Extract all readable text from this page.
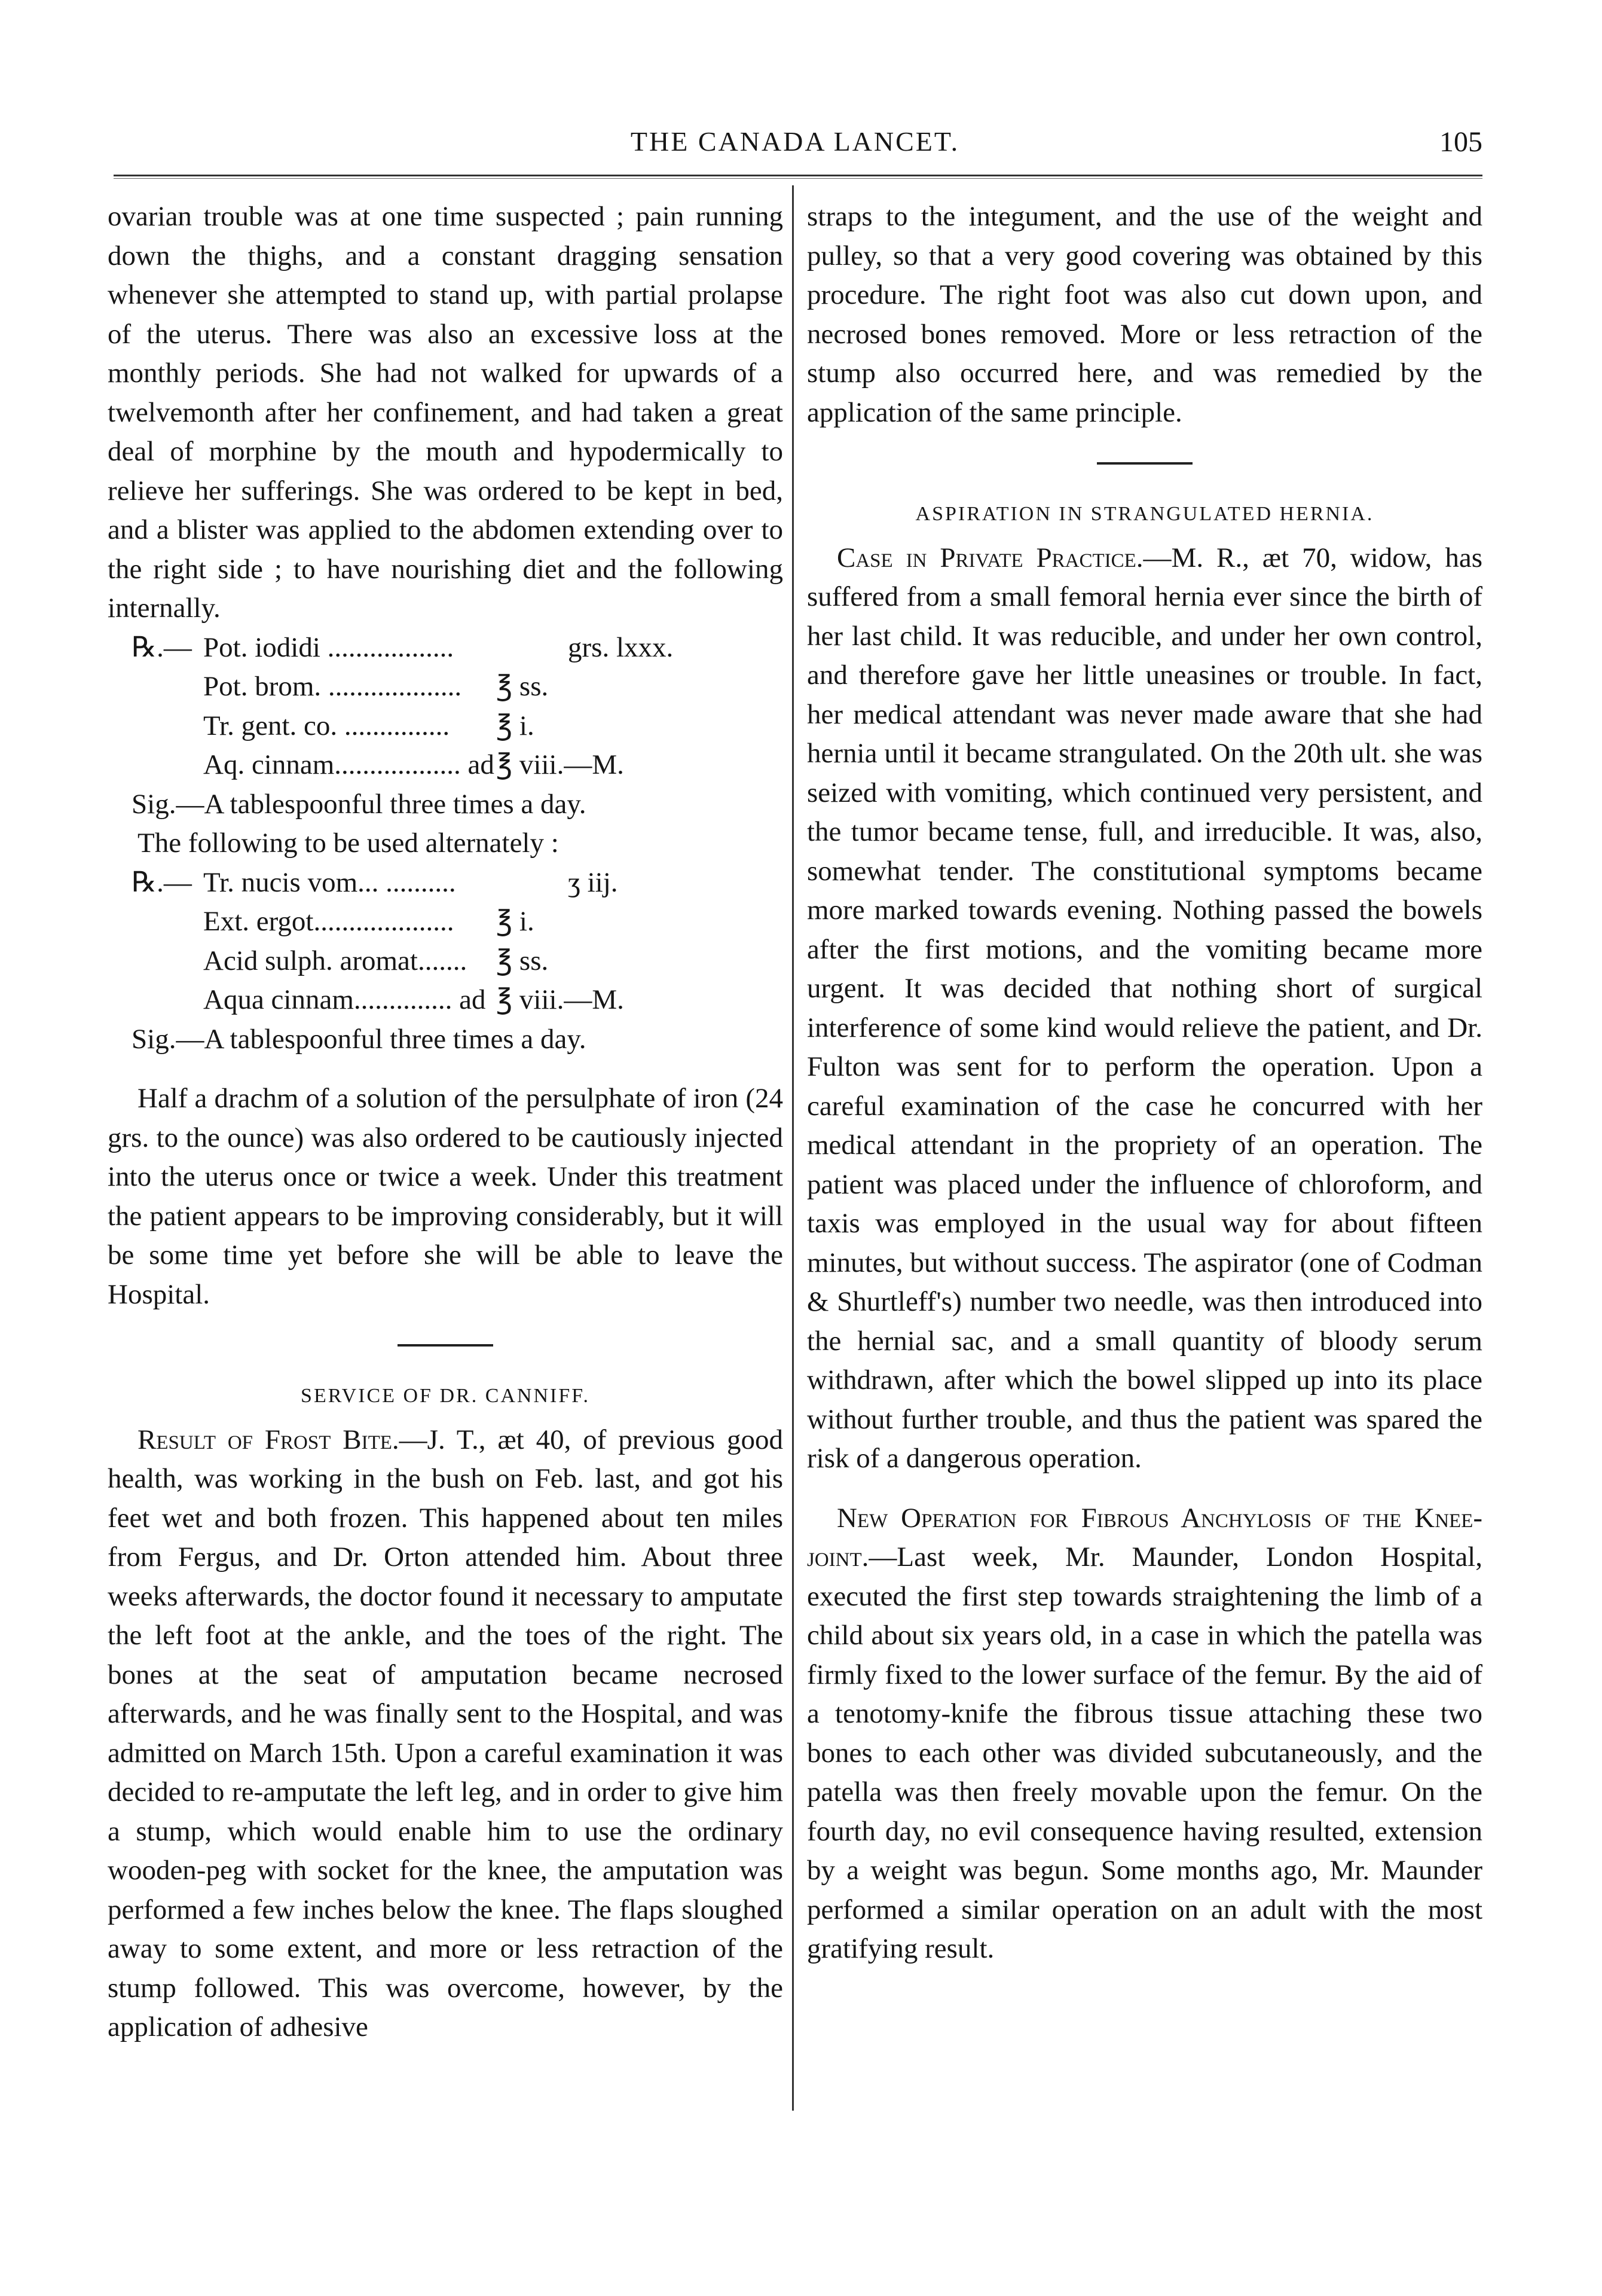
THE CANADA LANCET.	105

ovarian trouble was at one time suspected ; pain running down the thighs, and a constant dragging sensation whenever she attempted to stand up, with partial prolapse of the uterus. There was also an excessive loss at the monthly periods. She had not walked for upwards of a twelvemonth after her confinement, and had taken a great deal of morphine by the mouth and hypodermically to relieve her sufferings. She was ordered to be kept in bed, and a blister was applied to the abdomen extending over to the right side ; to have nourishing diet and the following internally.

℞.— Pot. iodidi ..................	grs. lxxx.
Pot. brom. ...................	℥ ss.
Tr. gent. co. ...............	℥ i.
Aq. cinnam.................. ad ℥ viii.—M.

Sig.—A tablespoonful three times a day.

The following to be used alternately :

℞.— Tr. nucis vom... ..........	ʒ iij.
Ext. ergot....................	℥ i.
Acid sulph. aromat.......	℥ ss.
Aqua cinnam.............. ad ℥ viii.—M.

Sig.—A tablespoonful three times a day.

Half a drachm of a solution of the persulphate of iron (24 grs. to the ounce) was also ordered to be cautiously injected into the uterus once or twice a week. Under this treatment the patient appears to be improving considerably, but it will be some time yet before she will be able to leave the Hospital.

SERVICE OF DR. CANNIFF.

Result of Frost Bite.—J. T., æt 40, of previous good health, was working in the bush on Feb. last, and got his feet wet and both frozen. This happened about ten miles from Fergus, and Dr. Orton attended him. About three weeks afterwards, the doctor found it necessary to amputate the left foot at the ankle, and the toes of the right. The bones at the seat of amputation became necrosed afterwards, and he was finally sent to the Hospital, and was admitted on March 15th. Upon a careful examination it was decided to re-amputate the left leg, and in order to give him a stump, which would enable him to use the ordinary wooden-peg with socket for the knee, the amputation was performed a few inches below the knee. The flaps sloughed away to some extent, and more or less retraction of the stump followed. This was overcome, however, by the application of adhesive

straps to the integument, and the use of the weight and pulley, so that a very good covering was obtained by this procedure. The right foot was also cut down upon, and necrosed bones removed. More or less retraction of the stump also occurred here, and was remedied by the application of the same principle.

ASPIRATION IN STRANGULATED HERNIA.

Case in Private Practice.—M. R., æt 70, widow, has suffered from a small femoral hernia ever since the birth of her last child. It was reducible, and under her own control, and therefore gave her little uneasines or trouble. In fact, her medical attendant was never made aware that she had hernia until it became strangulated. On the 20th ult. she was seized with vomiting, which continued very persistent, and the tumor became tense, full, and irreducible. It was, also, somewhat tender. The constitutional symptoms became more marked towards evening. Nothing passed the bowels after the first motions, and the vomiting became more urgent. It was decided that nothing short of surgical interference of some kind would relieve the patient, and Dr. Fulton was sent for to perform the operation. Upon a careful examination of the case he concurred with her medical attendant in the propriety of an operation. The patient was placed under the influence of chloroform, and taxis was employed in the usual way for about fifteen minutes, but without success. The aspirator (one of Codman & Shurtleff's) number two needle, was then introduced into the hernial sac, and a small quantity of bloody serum withdrawn, after which the bowel slipped up into its place without further trouble, and thus the patient was spared the risk of a dangerous operation.

New Operation for Fibrous Anchylosis of the Knee-joint.—Last week, Mr. Maunder, London Hospital, executed the first step towards straightening the limb of a child about six years old, in a case in which the patella was firmly fixed to the lower surface of the femur. By the aid of a tenotomy-knife the fibrous tissue attaching these two bones to each other was divided subcutaneously, and the patella was then freely movable upon the femur. On the fourth day, no evil consequence having resulted, extension by a weight was begun. Some months ago, Mr. Maunder performed a similar operation on an adult with the most gratifying result.
